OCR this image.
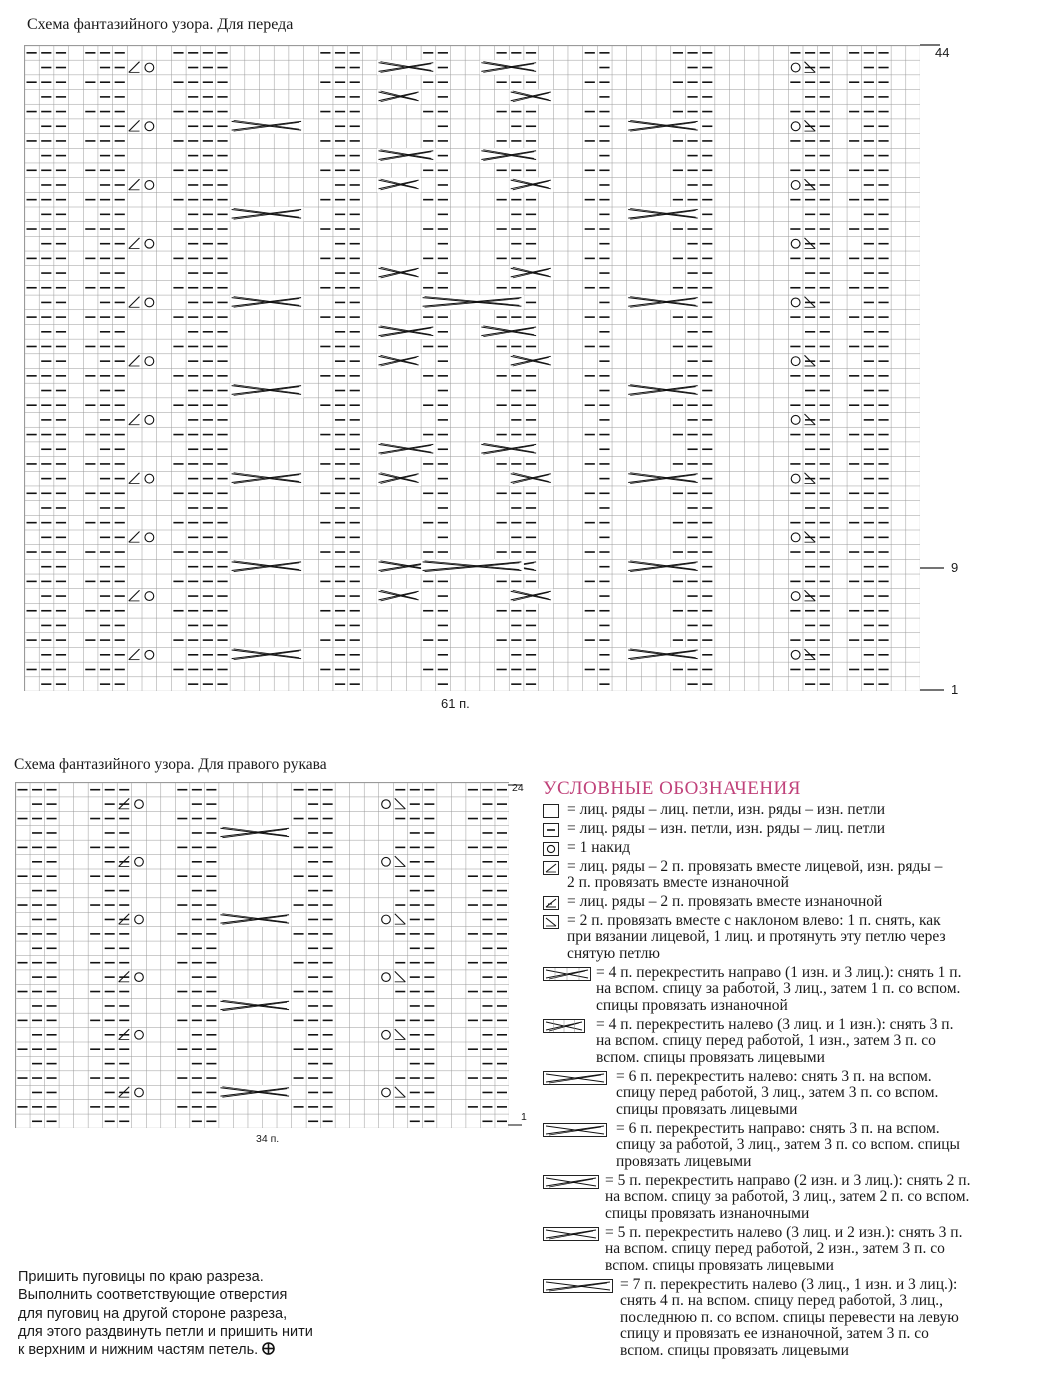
Схема фантазийного узора. Для переда
Схема фантазийного узора. Для правого рукава
44
9
1
61 п.
24
1
34 п.
УСЛОВНЫЕ ОБОЗНАЧЕНИЯ
= лиц. ряды – лиц. петли, изн. ряды – изн. петли
= лиц. ряды – изн. петли, изн. ряды – лиц. петли
= 1 накид
= лиц. ряды – 2 п. провязать вместе лицевой, изн. ряды –
2 п. провязать вместе изнаночной
= лиц. ряды – 2 п. провязать вместе изнаночной
= 2 п. провязать вместе с наклоном влево: 1 п. снять, как
при вязании лицевой, 1 лиц. и протянуть эту петлю через
снятую петлю
= 4 п. перекрестить направо (1 изн. и 3 лиц.): снять 1 п.
на вспом. спицу за работой, 3 лиц., затем 1 п. со вспом.
спицы провязать изнаночной
= 4 п. перекрестить налево (3 лиц. и 1 изн.): снять 3 п.
на вспом. спицу перед работой, 1 изн., затем 3 п. со
вспом. спицы провязать лицевыми
= 6 п. перекрестить налево: снять 3 п. на вспом.
спицу перед работой, 3 лиц., затем 3 п. со вспом.
спицы провязать лицевыми
= 6 п. перекрестить направо: снять 3 п. на вспом.
спицу за работой, 3 лиц., затем 3 п. со вспом. спицы
провязать лицевыми
= 5 п. перекрестить направо (2 изн. и 3 лиц.): снять 2 п.
на вспом. спицу за работой, 3 лиц., затем 2 п. со вспом.
спицы провязать изнаночными
= 5 п. перекрестить налево (3 лиц. и 2 изн.): снять 3 п.
на вспом. спицу перед работой, 2 изн., затем 3 п. со
вспом. спицы провязать лицевыми
= 7 п. перекрестить налево (3 лиц., 1 изн. и 3 лиц.):
снять 4 п. на вспом. спицу перед работой, 3 лиц.,
последнюю п. со вспом. спицы перевести на левую
спицу и провязать ее изнаночной, затем 3 п. со
вспом. спицы провязать лицевыми
Пришить пуговицы по краю разреза.
Выполнить соответствующие отверстия
для пуговиц на другой стороне разреза,
для этого раздвинуть петли и пришить нити
к верхним и нижним частям петель.
